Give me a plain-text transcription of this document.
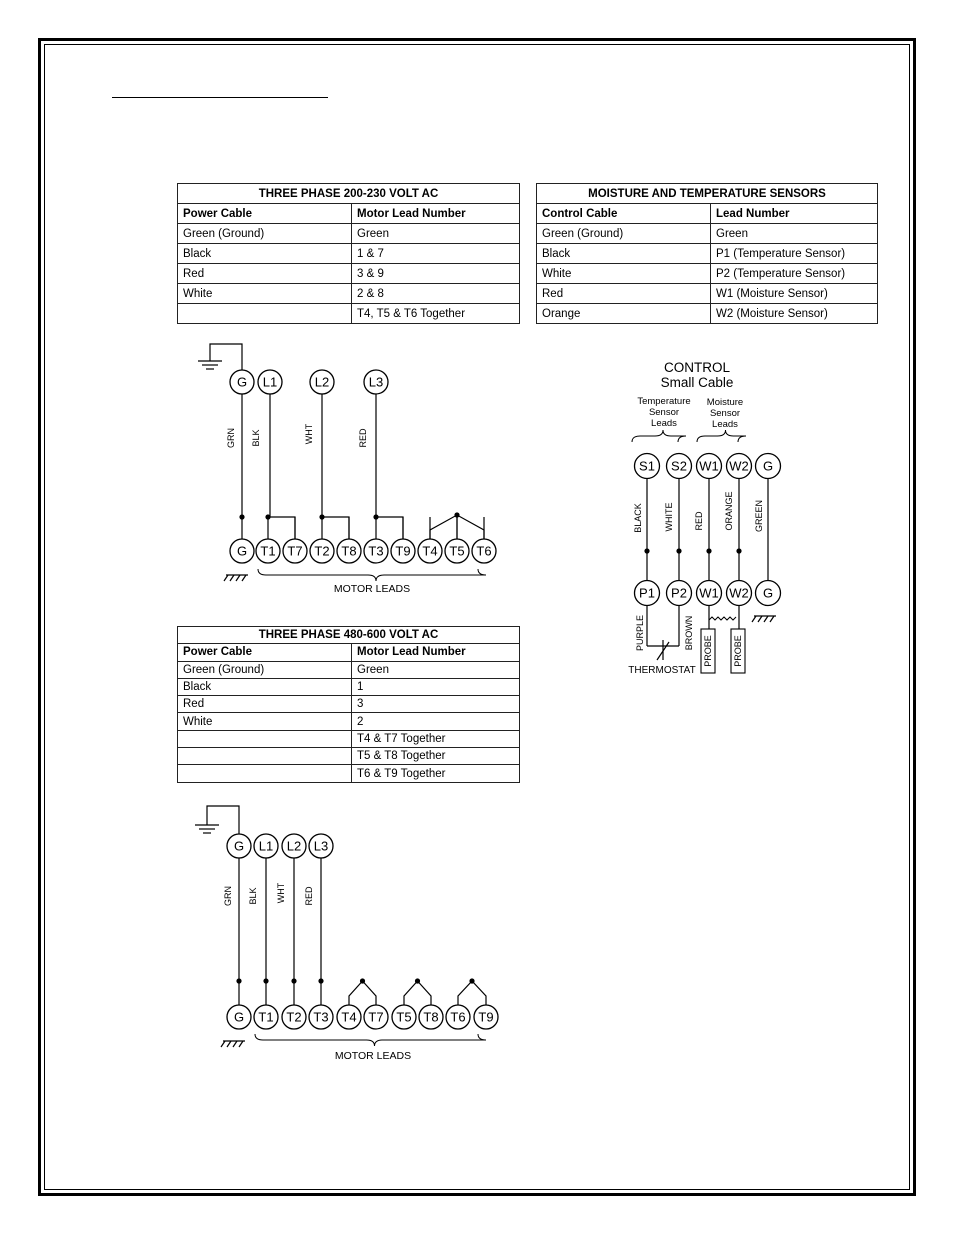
THREE PHASE 200-230 VOLT AC	
Power Cable	Motor Lead Number
Green (Ground)	Green
Black	1 & 7
Red	3 & 9
White	2 & 8
	T4, T5 & T6 Together
MOISTURE AND TEMPERATURE SENSORS	
Control Cable	Lead Number
Green (Ground)	Green
Black	P1 (Temperature Sensor)
White	P2 (Temperature Sensor)
Red	W1 (Moisture Sensor)
Orange	W2 (Moisture Sensor)
THREE PHASE 480-600 VOLT AC	
Power Cable	Motor Lead Number
Green (Ground)	Green
Black	1
Red	3
White	2
	T4 & T7 Together
	T5 & T8 Together
	T6 & T9 Together
G L1	L2	L3
GRN BLK	WHT	RED
G T1 T7 T2 T8 T3 T9 T4 T5 T6
MOTOR LEADS
G L1 L2 L3
GRN BLK WHT RED
G T1 T2 T3 T4 T7 T5 T8 T6 T9
MOTOR LEADS
CONTROL
Small Cable
Temperature
Sensor
Leads
Moisture
Sensor
Leads
S1 S2 W1 W2 G
BLACK WHITE RED ORANGE GREEN
P1 P2 W1 W2 G
PURPLE	BROWN
THERMOSTAT
PROBE PROBE
